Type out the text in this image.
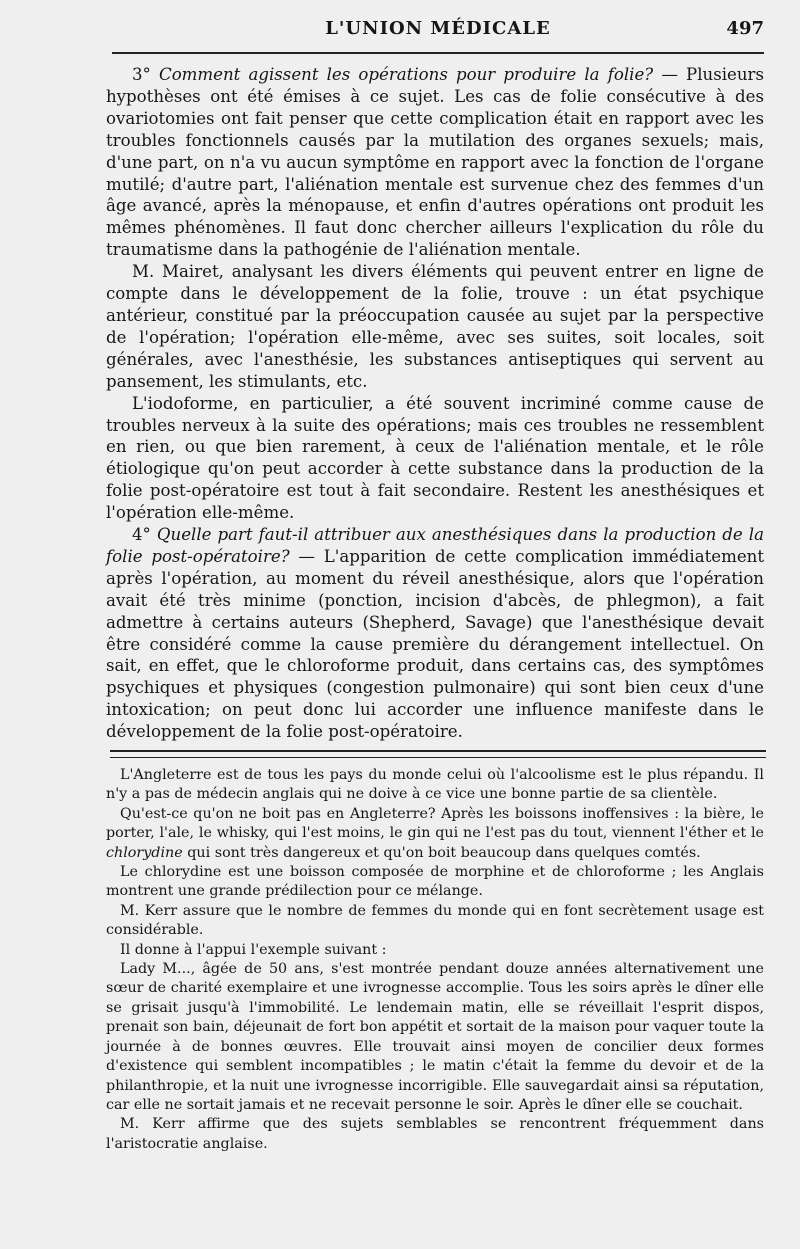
L'UNION MÉDICALE	497

3° Comment agissent les opérations pour produire la folie? — Plusieurs hypothèses ont été émises à ce sujet. Les cas de folie consécutive à des ovariotomies ont fait penser que cette complication était en rapport avec les troubles fonctionnels causés par la mutilation des organes sexuels; mais, d'une part, on n'a vu aucun symptôme en rapport avec la fonction de l'organe mutilé; d'autre part, l'aliénation mentale est survenue chez des femmes d'un âge avancé, après la ménopause, et enfin d'autres opérations ont produit les mêmes phénomènes. Il faut donc chercher ailleurs l'explication du rôle du traumatisme dans la pathogénie de l'aliénation mentale.

M. Mairet, analysant les divers éléments qui peuvent entrer en ligne de compte dans le développement de la folie, trouve : un état psychique antérieur, constitué par la préoccupation causée au sujet par la perspective de l'opération; l'opération elle-même, avec ses suites, soit locales, soit générales, avec l'anesthésie, les substances antiseptiques qui servent au pansement, les stimulants, etc.

L'iodoforme, en particulier, a été souvent incriminé comme cause de troubles nerveux à la suite des opérations; mais ces troubles ne ressemblent en rien, ou que bien rarement, à ceux de l'aliénation mentale, et le rôle étiologique qu'on peut accorder à cette substance dans la production de la folie post-opératoire est tout à fait secondaire. Restent les anesthésiques et l'opération elle-même.

4° Quelle part faut-il attribuer aux anesthésiques dans la production de la folie post-opératoire? — L'apparition de cette complication immédiatement après l'opération, au moment du réveil anesthésique, alors que l'opération avait été très minime (ponction, incision d'abcès, de phlegmon), a fait admettre à certains auteurs (Shepherd, Savage) que l'anesthésique devait être considéré comme la cause première du dérangement intellectuel. On sait, en effet, que le chloroforme produit, dans certains cas, des symptômes psychiques et physiques (congestion pulmonaire) qui sont bien ceux d'une intoxication; on peut donc lui accorder une influence manifeste dans le développement de la folie post-opératoire.

L'Angleterre est de tous les pays du monde celui où l'alcoolisme est le plus répandu. Il n'y a pas de médecin anglais qui ne doive à ce vice une bonne partie de sa clientèle.

Qu'est-ce qu'on ne boit pas en Angleterre? Après les boissons inoffensives : la bière, le porter, l'ale, le whisky, qui l'est moins, le gin qui ne l'est pas du tout, viennent l'éther et le chlorydine qui sont très dangereux et qu'on boit beaucoup dans quelques comtés.

Le chlorydine est une boisson composée de morphine et de chloroforme ; les Anglais montrent une grande prédilection pour ce mélange.

M. Kerr assure que le nombre de femmes du monde qui en font secrètement usage est considérable.

Il donne à l'appui l'exemple suivant :

Lady M..., âgée de 50 ans, s'est montrée pendant douze années alternativement une sœur de charité exemplaire et une ivrognesse accomplie. Tous les soirs après le dîner elle se grisait jusqu'à l'immobilité. Le lendemain matin, elle se réveillait l'esprit dispos, prenait son bain, déjeunait de fort bon appétit et sortait de la maison pour vaquer toute la journée à de bonnes œuvres. Elle trouvait ainsi moyen de concilier deux formes d'existence qui semblent incompatibles ; le matin c'était la femme du devoir et de la philanthropie, et la nuit une ivrognesse incorrigible. Elle sauvegardait ainsi sa réputation, car elle ne sortait jamais et ne recevait personne le soir. Après le dîner elle se couchait.

M. Kerr affirme que des sujets semblables se rencontrent fréquemment dans l'aristocratie anglaise.
